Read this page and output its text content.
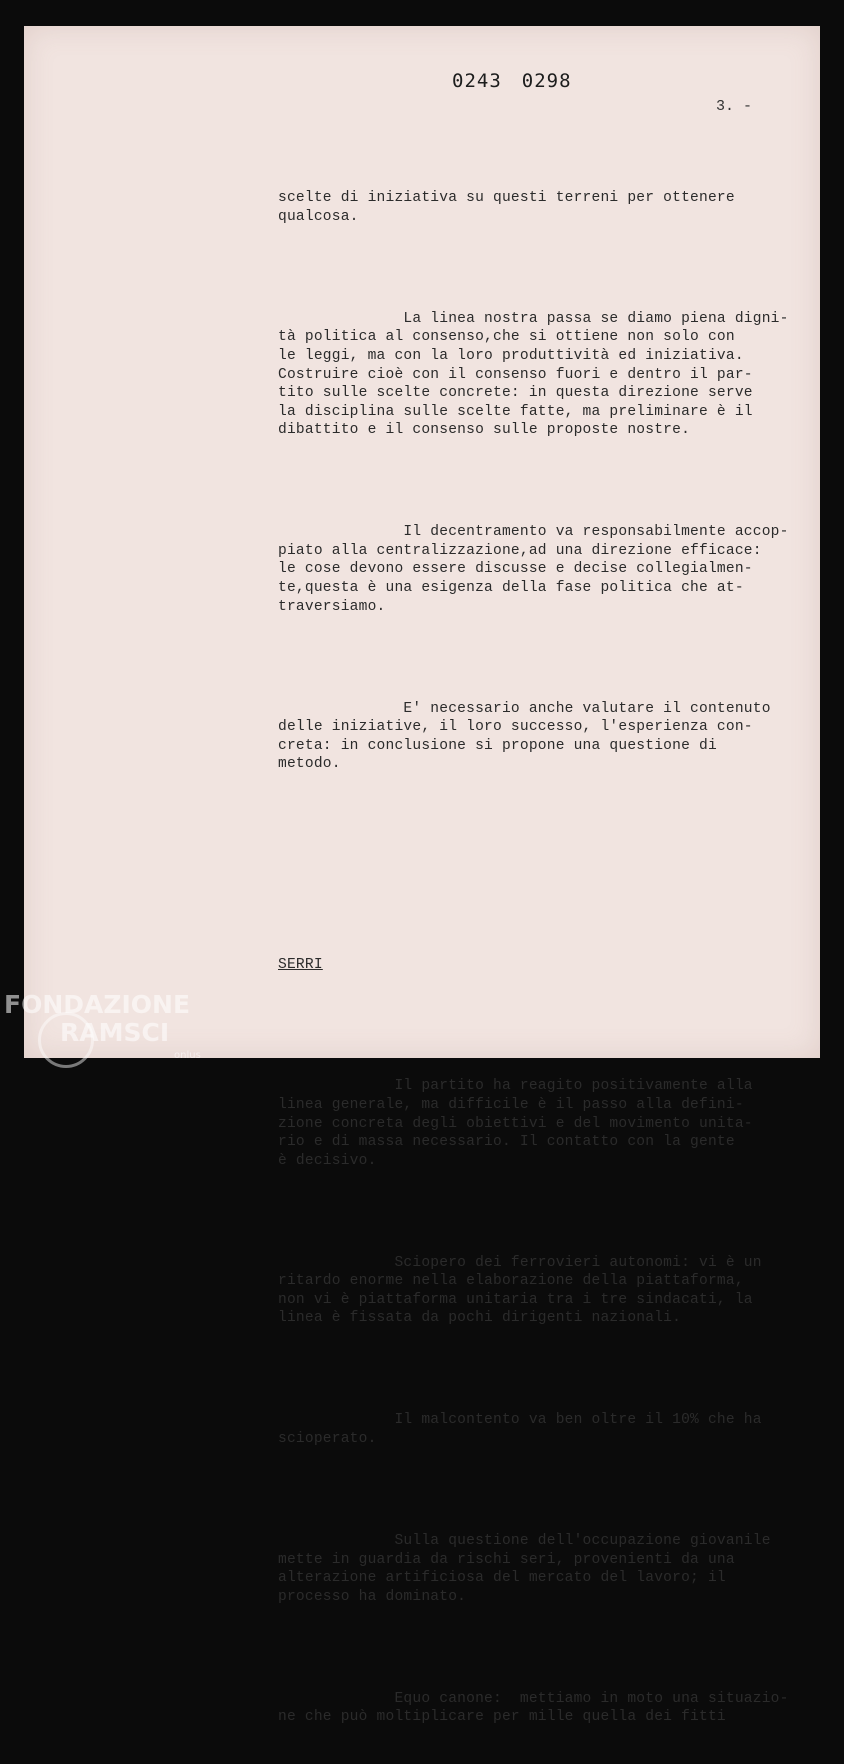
0243 0298
3. -

scelte di iniziativa su questi terreni per ottenere
qualcosa.

La linea nostra passa se diamo piena digni-
tà politica al consenso,che si ottiene non solo con
le leggi, ma con la loro produttività ed iniziativa.
Costruire cioè con il consenso fuori e dentro il par-
tito sulle scelte concrete: in questa direzione serve
la disciplina sulle scelte fatte, ma preliminare è il
dibattito e il consenso sulle proposte nostre.

Il decentramento va responsabilmente accop-
piato alla centralizzazione,ad una direzione efficace:
le cose devono essere discusse e decise collegialmen-
te,questa è una esigenza della fase politica che at-
traversiamo.

E' necessario anche valutare il contenuto
delle iniziative, il loro successo, l'esperienza con-
creta: in conclusione si propone una questione di
metodo.

SERRI

Il partito ha reagito positivamente alla
linea generale, ma difficile è il passo alla defini-
zione concreta degli obiettivi e del movimento unita-
rio e di massa necessario. Il contatto con la gente
è decisivo.

Sciopero dei ferrovieri autonomi: vi è un
ritardo enorme nella elaborazione della piattaforma,
non vi è piattaforma unitaria tra i tre sindacati, la
linea è fissata da pochi dirigenti nazionali.

Il malcontento va ben oltre il 10% che ha
scioperato.

Sulla questione dell'occupazione giovanile
mette in guardia da rischi seri, provenienti da una
alterazione artificiosa del mercato del lavoro; il
processo ha dominato.

Equo canone:  mettiamo in moto una situazio-
ne che può moltiplicare per mille quella dei fitti

FONDAZIONE
RAMSCI
onlus
